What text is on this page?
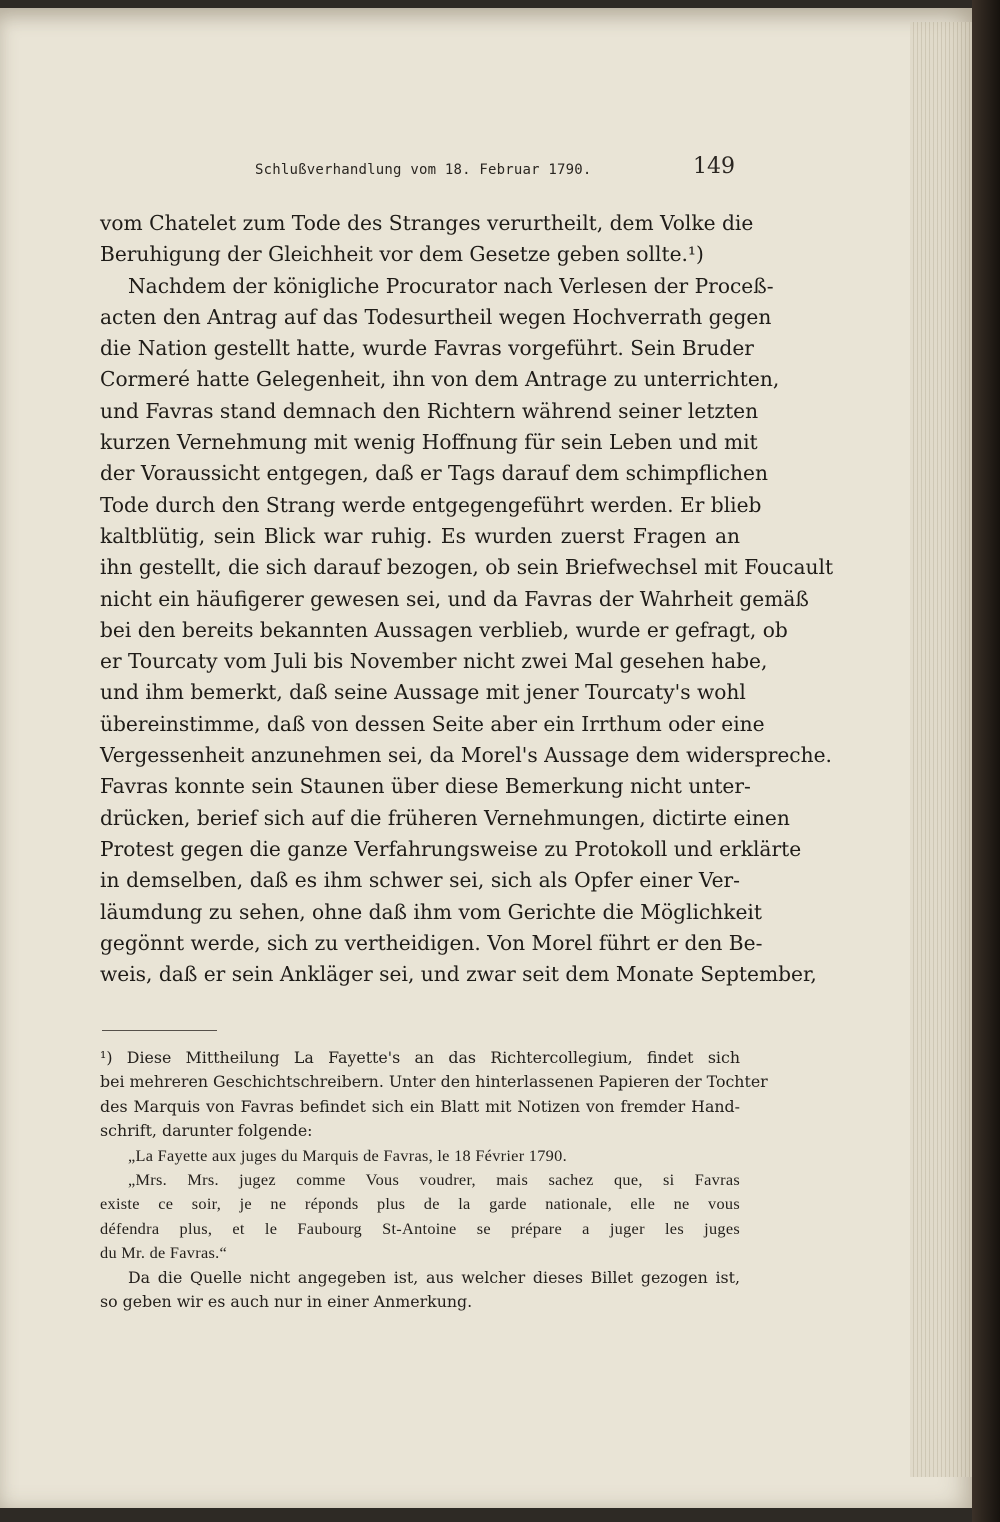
Schlußverhandlung vom 18. Februar 1790.	149
vom Chatelet zum Tode des Stranges verurtheilt, dem Volke die
Beruhigung der Gleichheit vor dem Gesetze geben sollte.¹)
Nachdem der königliche Procurator nach Verlesen der Proceß-
acten den Antrag auf das Todesurtheil wegen Hochverrath gegen
die Nation gestellt hatte, wurde Favras vorgeführt. Sein Bruder
Cormeré hatte Gelegenheit, ihn von dem Antrage zu unterrichten,
und Favras stand demnach den Richtern während seiner letzten
kurzen Vernehmung mit wenig Hoffnung für sein Leben und mit
der Voraussicht entgegen, daß er Tags darauf dem schimpflichen
Tode durch den Strang werde entgegengeführt werden. Er blieb
kaltblütig, sein Blick war ruhig. Es wurden zuerst Fragen an
ihn gestellt, die sich darauf bezogen, ob sein Briefwechsel mit Foucault
nicht ein häufigerer gewesen sei, und da Favras der Wahrheit gemäß
bei den bereits bekannten Aussagen verblieb, wurde er gefragt, ob
er Tourcaty vom Juli bis November nicht zwei Mal gesehen habe,
und ihm bemerkt, daß seine Aussage mit jener Tourcaty's wohl
übereinstimme, daß von dessen Seite aber ein Irrthum oder eine
Vergessenheit anzunehmen sei, da Morel's Aussage dem widerspreche.
Favras konnte sein Staunen über diese Bemerkung nicht unter-
drücken, berief sich auf die früheren Vernehmungen, dictirte einen
Protest gegen die ganze Verfahrungsweise zu Protokoll und erklärte
in demselben, daß es ihm schwer sei, sich als Opfer einer Ver-
läumdung zu sehen, ohne daß ihm vom Gerichte die Möglichkeit
gegönnt werde, sich zu vertheidigen. Von Morel führt er den Be-
weis, daß er sein Ankläger sei, und zwar seit dem Monate September,
¹) Diese Mittheilung La Fayette's an das Richtercollegium, findet sich
bei mehreren Geschichtschreibern. Unter den hinterlassenen Papieren der Tochter
des Marquis von Favras befindet sich ein Blatt mit Notizen von fremder Hand-
schrift, darunter folgende:
„La Fayette aux juges du Marquis de Favras, le 18 Février 1790.
„Mrs. Mrs. jugez comme Vous voudrer, mais sachez que, si Favras
existe ce soir, je ne réponds plus de la garde nationale, elle ne vous
défendra plus, et le Faubourg St-Antoine se prépare a juger les juges
du Mr. de Favras.“
Da die Quelle nicht angegeben ist, aus welcher dieses Billet gezogen ist,
so geben wir es auch nur in einer Anmerkung.
